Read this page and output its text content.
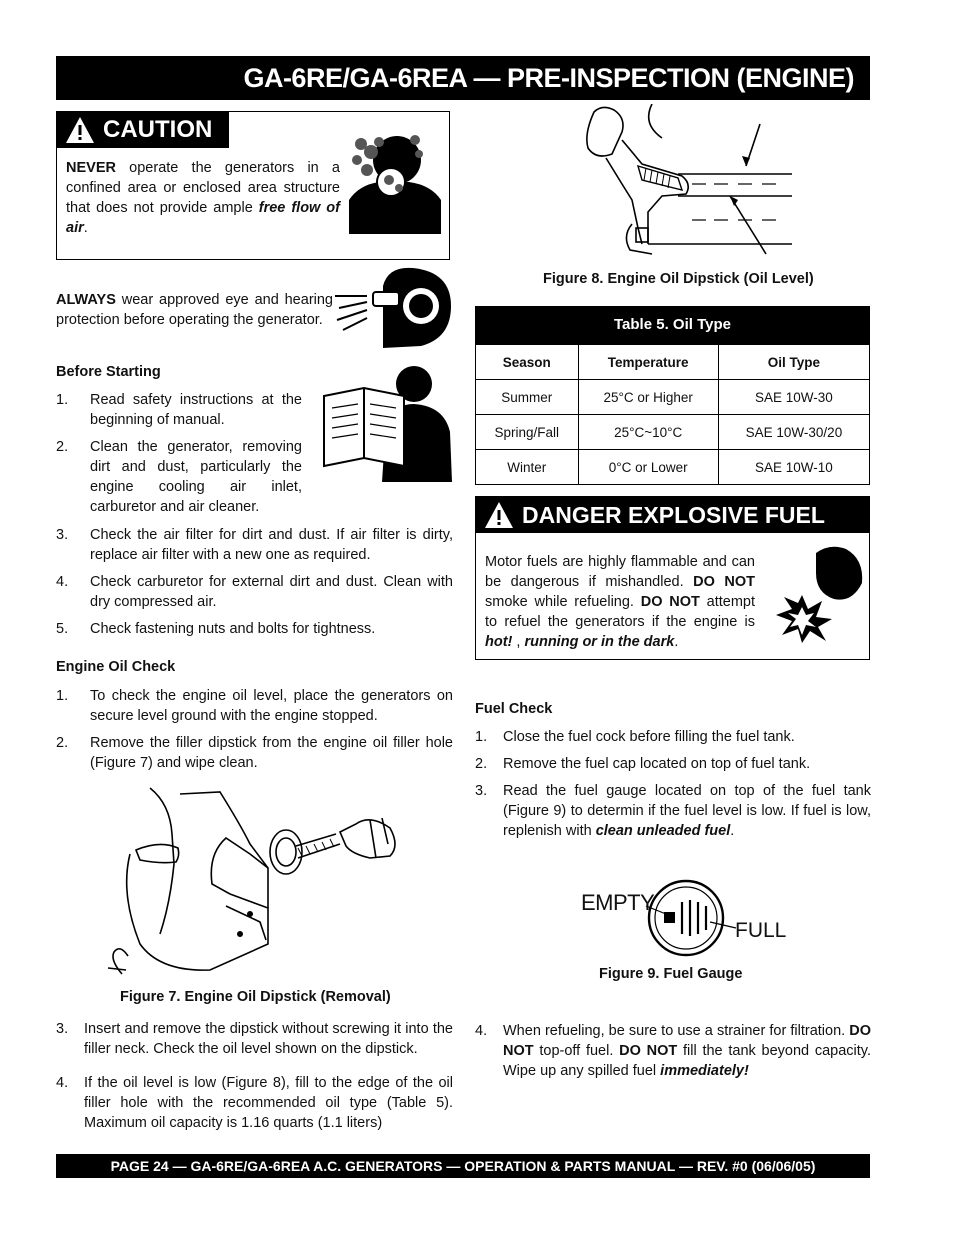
GA-6RE/GA-6REA — PRE-INSPECTION (ENGINE)
CAUTION
NEVER operate the generators in a confined area or enclosed area structure that does not provide ample free flow of air.
ALWAYS wear approved eye and hearing protection before operating the generator.
Before Starting
1. Read safety instructions at the beginning of manual.
2. Clean the generator, removing dirt and dust, particularly the engine cooling air inlet, carburetor and air cleaner.
3. Check the air filter for dirt and dust. If air filter is dirty, replace air filter with a new one as required.
4. Check carburetor for external dirt and dust. Clean with dry compressed air.
5. Check fastening nuts and bolts for tightness.
Engine Oil Check
1. To check the engine oil level, place the generators on secure level ground with the engine stopped.
2. Remove the filler dipstick from the engine oil filler hole (Figure 7) and wipe clean.
Figure 7. Engine Oil Dipstick (Removal)
3. Insert and remove the dipstick without screwing it into the filler neck. Check the oil level shown on the dipstick.
4. If the oil level is low (Figure 8), fill to the edge of the oil filler hole with the recommended oil type (Table 5). Maximum oil capacity is 1.16 quarts (1.1 liters)
Figure 8. Engine Oil Dipstick (Oil Level)
Table 5. Oil Type
Season	Temperature	Oil Type
Summer	25°C or Higher	SAE 10W-30
Spring/Fall	25°C~10°C	SAE 10W-30/20
Winter	0°C or Lower	SAE 10W-10
DANGER EXPLOSIVE FUEL
Motor fuels are highly flammable and can be dangerous if mishandled. DO NOT smoke while refueling. DO NOT attempt to refuel the generators if the engine is hot! , running or in the dark.
Fuel Check
1. Close the fuel cock before filling the fuel tank.
2. Remove the fuel cap located on top of fuel tank.
3. Read the fuel gauge located on top of the fuel tank (Figure 9) to determin if the fuel level is low. If fuel is low, replenish with clean unleaded fuel.
EMPTY
FULL
Figure 9. Fuel Gauge
4. When refueling, be sure to use a strainer for filtration. DO NOT top-off fuel. DO NOT fill the tank beyond capacity. Wipe up any spilled fuel immediately!
PAGE 24 — GA-6RE/GA-6REA A.C. GENERATORS — OPERATION & PARTS MANUAL — REV. #0 (06/06/05)
